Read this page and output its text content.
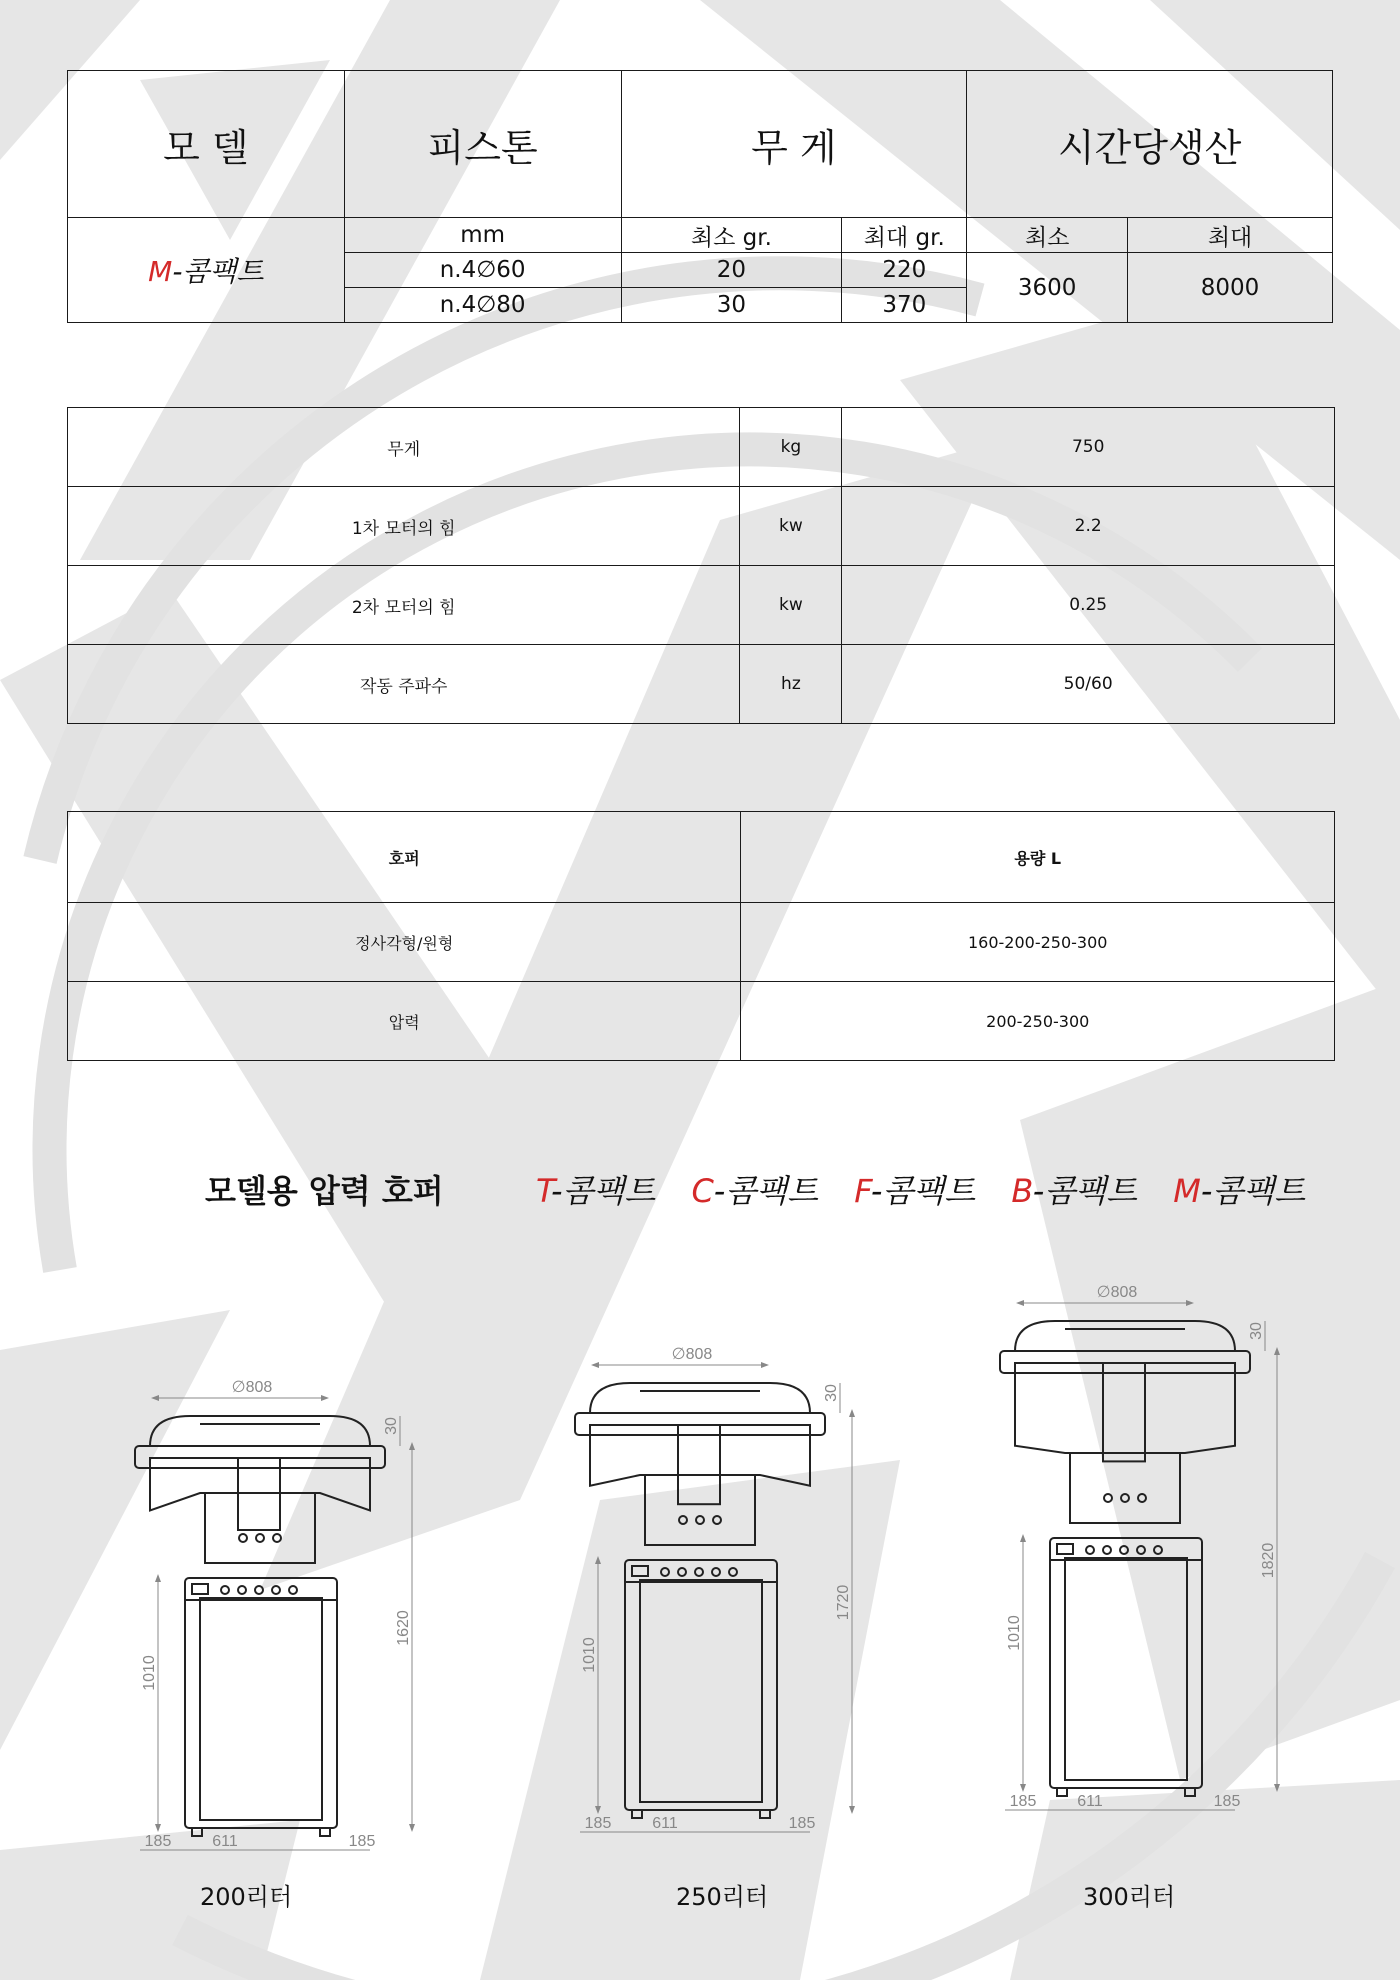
모 델	피스톤	무 게		시간당생산	
M-콤팩트	mm	최소 gr.	최대 gr.	최소	최대
	n.4∅60	20	220	3600	8000
	n.4∅80	30	370		
무게	kg	750
1차 모터의 힘	kw	2.2
2차 모터의 힘	kw	0.25
작동 주파수	hz	50/60
호퍼	용량 L
정사각형/원형	160-200-250-300
압력	200-250-300
모델용 압력 호퍼	T-콤팩트 C-콤팩트 F-콤팩트 B-콤팩트 M-콤팩트
∅808
30
1620
1010
185	611	185
∅808
30
1720
1010
185	611	185
∅808
30
1820
1010
185	611	185
200리터	250리터	300리터
